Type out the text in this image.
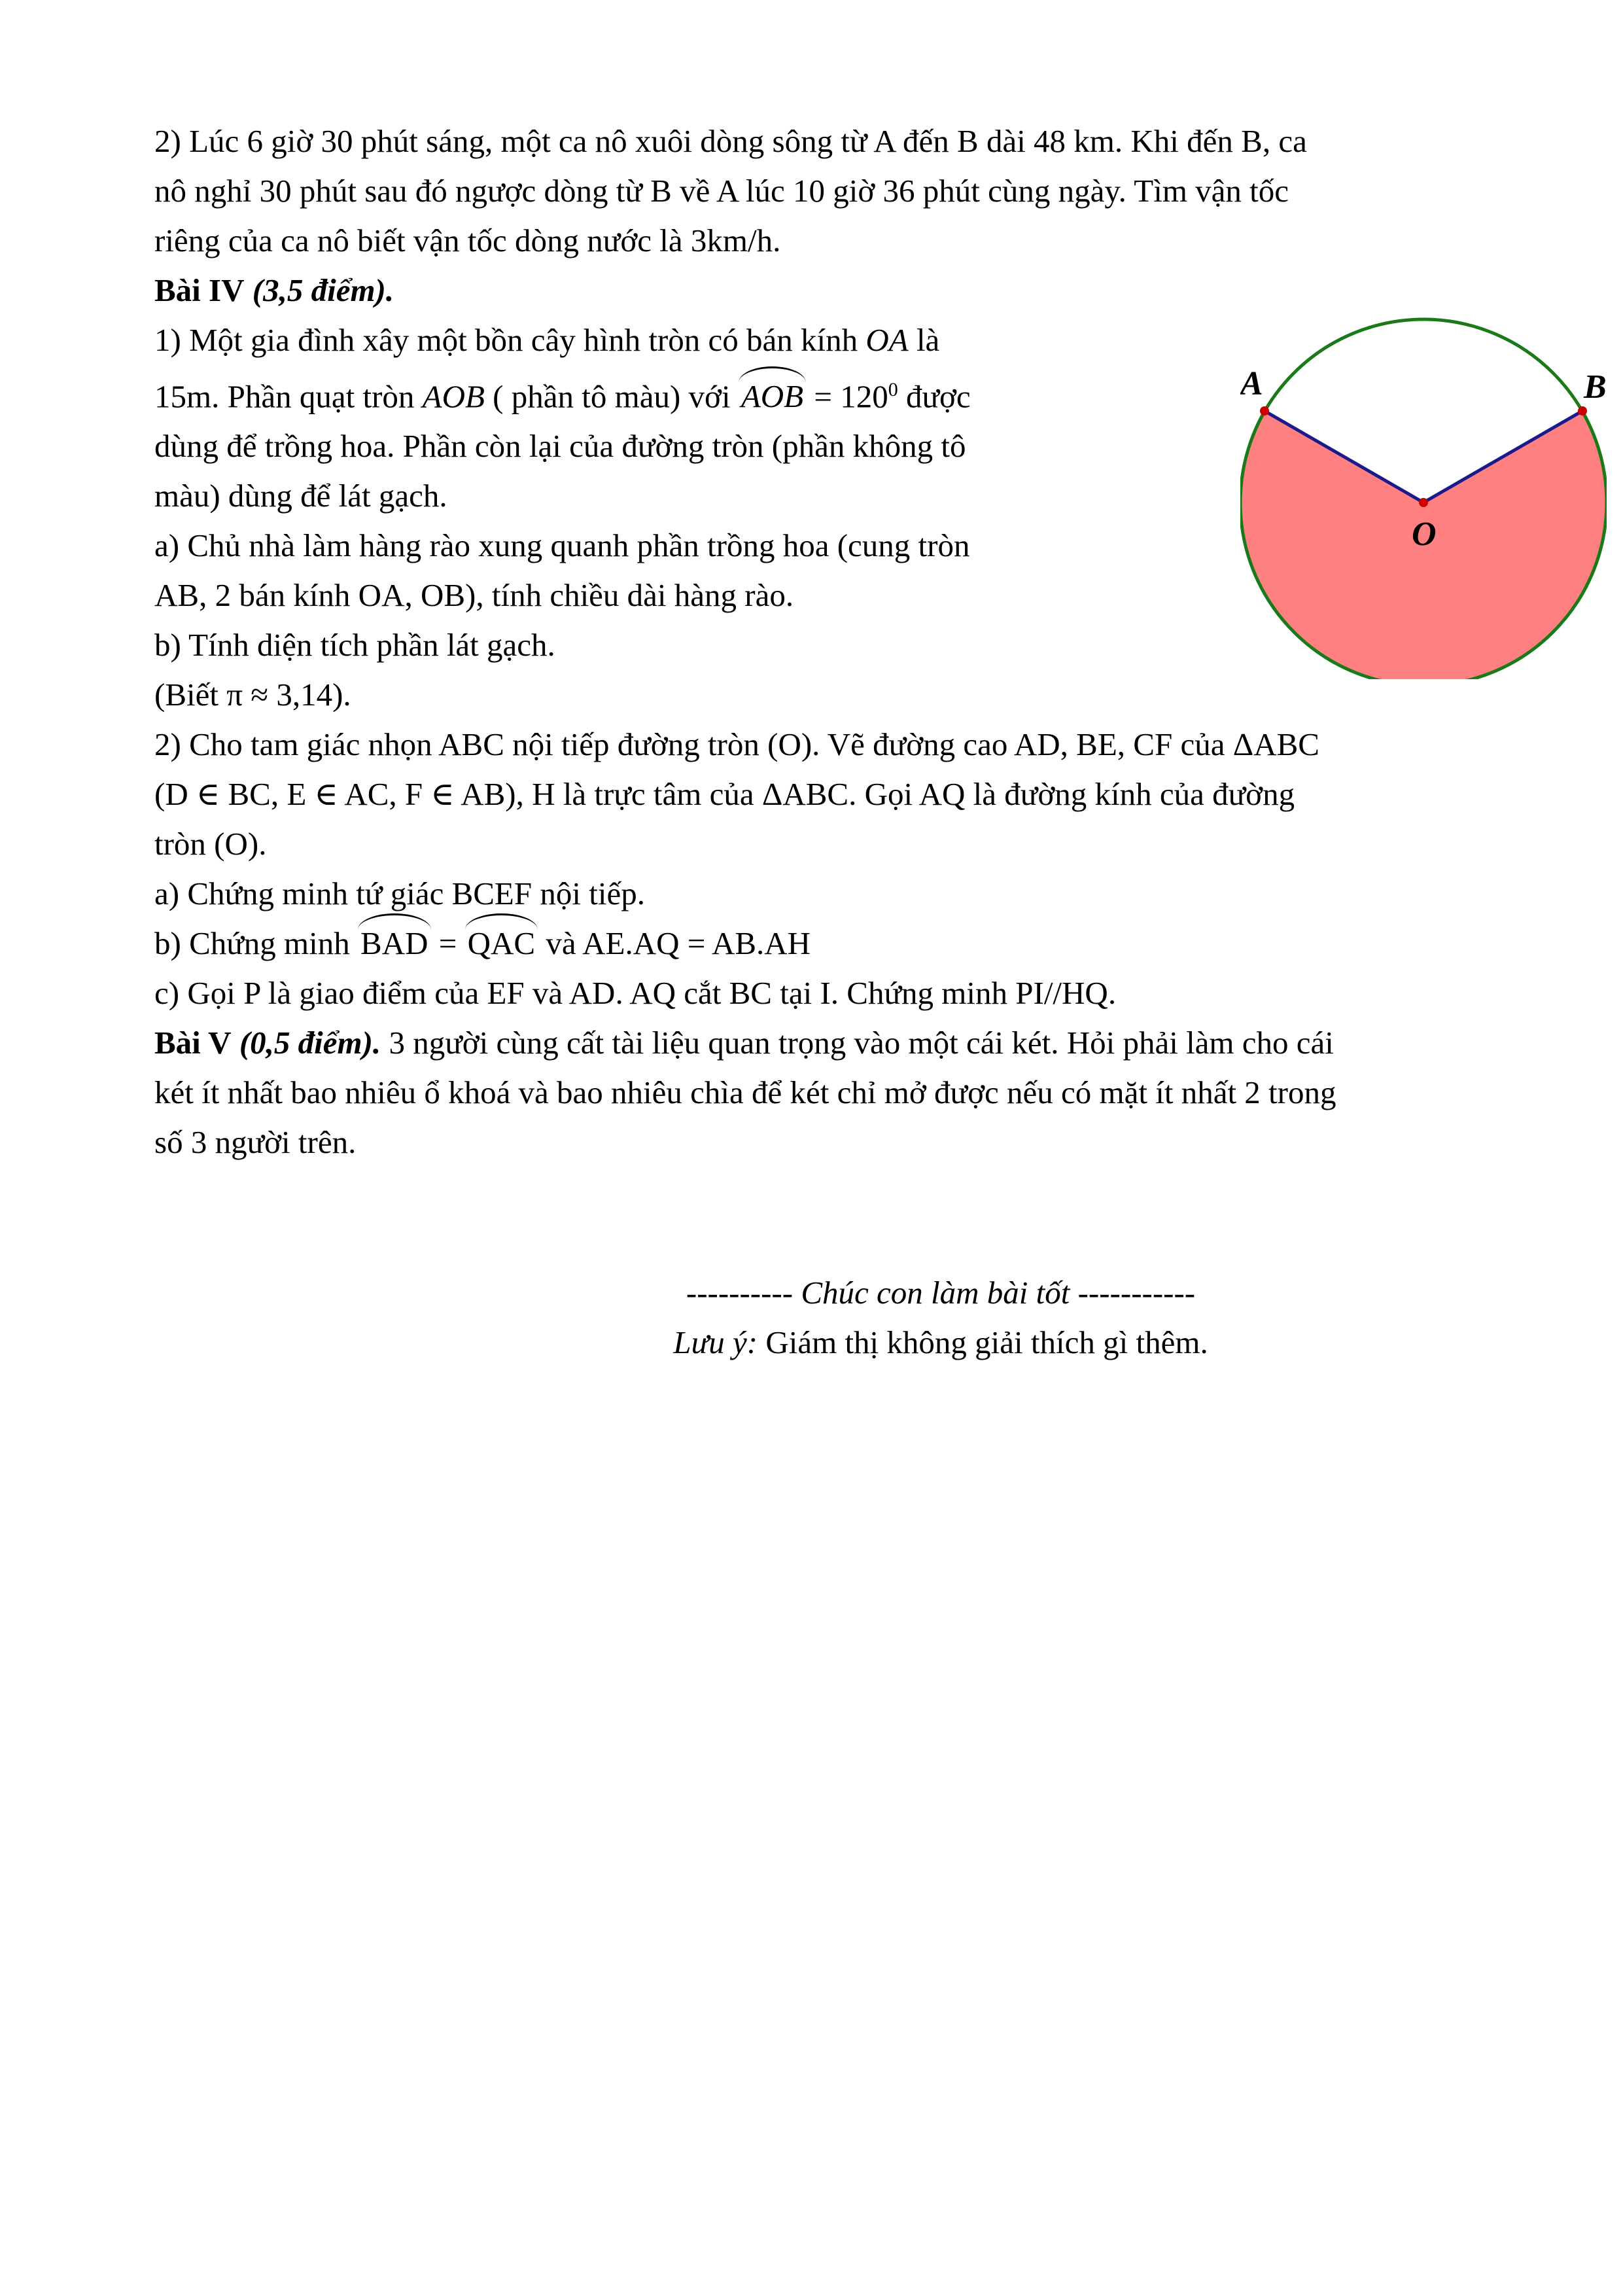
2) Lúc 6 giờ 30 phút sáng, một ca nô xuôi dòng sông từ A đến B dài 48 km. Khi đến B, ca

nô nghỉ 30 phút sau đó ngược dòng từ B về A lúc 10 giờ 36 phút cùng ngày. Tìm vận tốc

riêng của ca nô biết vận tốc dòng nước là 3km/h.

Bài IV (3,5 điểm).

1) Một gia đình xây một bồn cây hình tròn có bán kính OA là

15m. Phần quạt tròn AOB ( phần tô màu) với AOB = $120^0$ được

dùng để trồng hoa. Phần còn lại của đường tròn (phần không tô

màu) dùng để lát gạch.

a) Chủ nhà làm hàng rào xung quanh phần trồng hoa (cung tròn

AB, 2 bán kính OA, OB), tính chiều dài hàng rào.

b) Tính diện tích phần lát gạch.

(Biết π ≈ 3,14).

2) Cho tam giác nhọn ABC nội tiếp đường tròn (O). Vẽ đường cao AD, BE, CF của ΔABC

(D ∈ BC, E ∈ AC, F ∈ AB), H là trực tâm của ΔABC. Gọi AQ là đường kính của đường

tròn (O).

a) Chứng minh tứ giác BCEF nội tiếp.

b) Chứng minh BAD = QAC và AE.AQ = AB.AH

c) Gọi P là giao điểm của EF và AD. AQ cắt BC tại I. Chứng minh PI//HQ.

Bài V (0,5 điểm). 3 người cùng cất tài liệu quan trọng vào một cái két. Hỏi phải làm cho cái

két ít nhất bao nhiêu ổ khoá và bao nhiêu chìa để két chỉ mở được nếu có mặt ít nhất 2 trong

số 3 người trên.

A	B
O

---------- Chúc con làm bài tốt -----------

Lưu ý: Giám thị không giải thích gì thêm.
